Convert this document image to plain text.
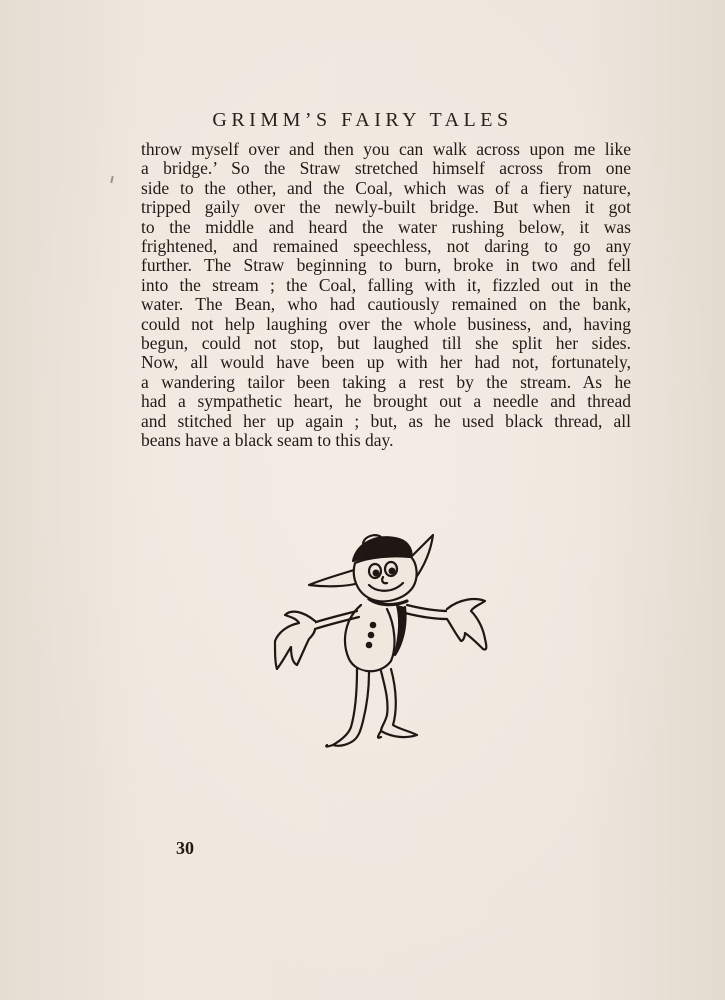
GRIMM’S FAIRY TALES
throw myself over and then you can walk across upon me like
a bridge.’ So the Straw stretched himself across from one
side to the other, and the Coal, which was of a fiery nature,
tripped gaily over the newly-built bridge. But when it got
to the middle and heard the water rushing below, it was
frightened, and remained speechless, not daring to go any
further. The Straw beginning to burn, broke in two and fell
into the stream ; the Coal, falling with it, fizzled out in the
water. The Bean, who had cautiously remained on the bank,
could not help laughing over the whole business, and, having
begun, could not stop, but laughed till she split her sides.
Now, all would have been up with her had not, fortunately,
a wandering tailor been taking a rest by the stream. As he
had a sympathetic heart, he brought out a needle and thread
and stitched her up again ; but, as he used black thread, all
beans have a black seam to this day.

30
